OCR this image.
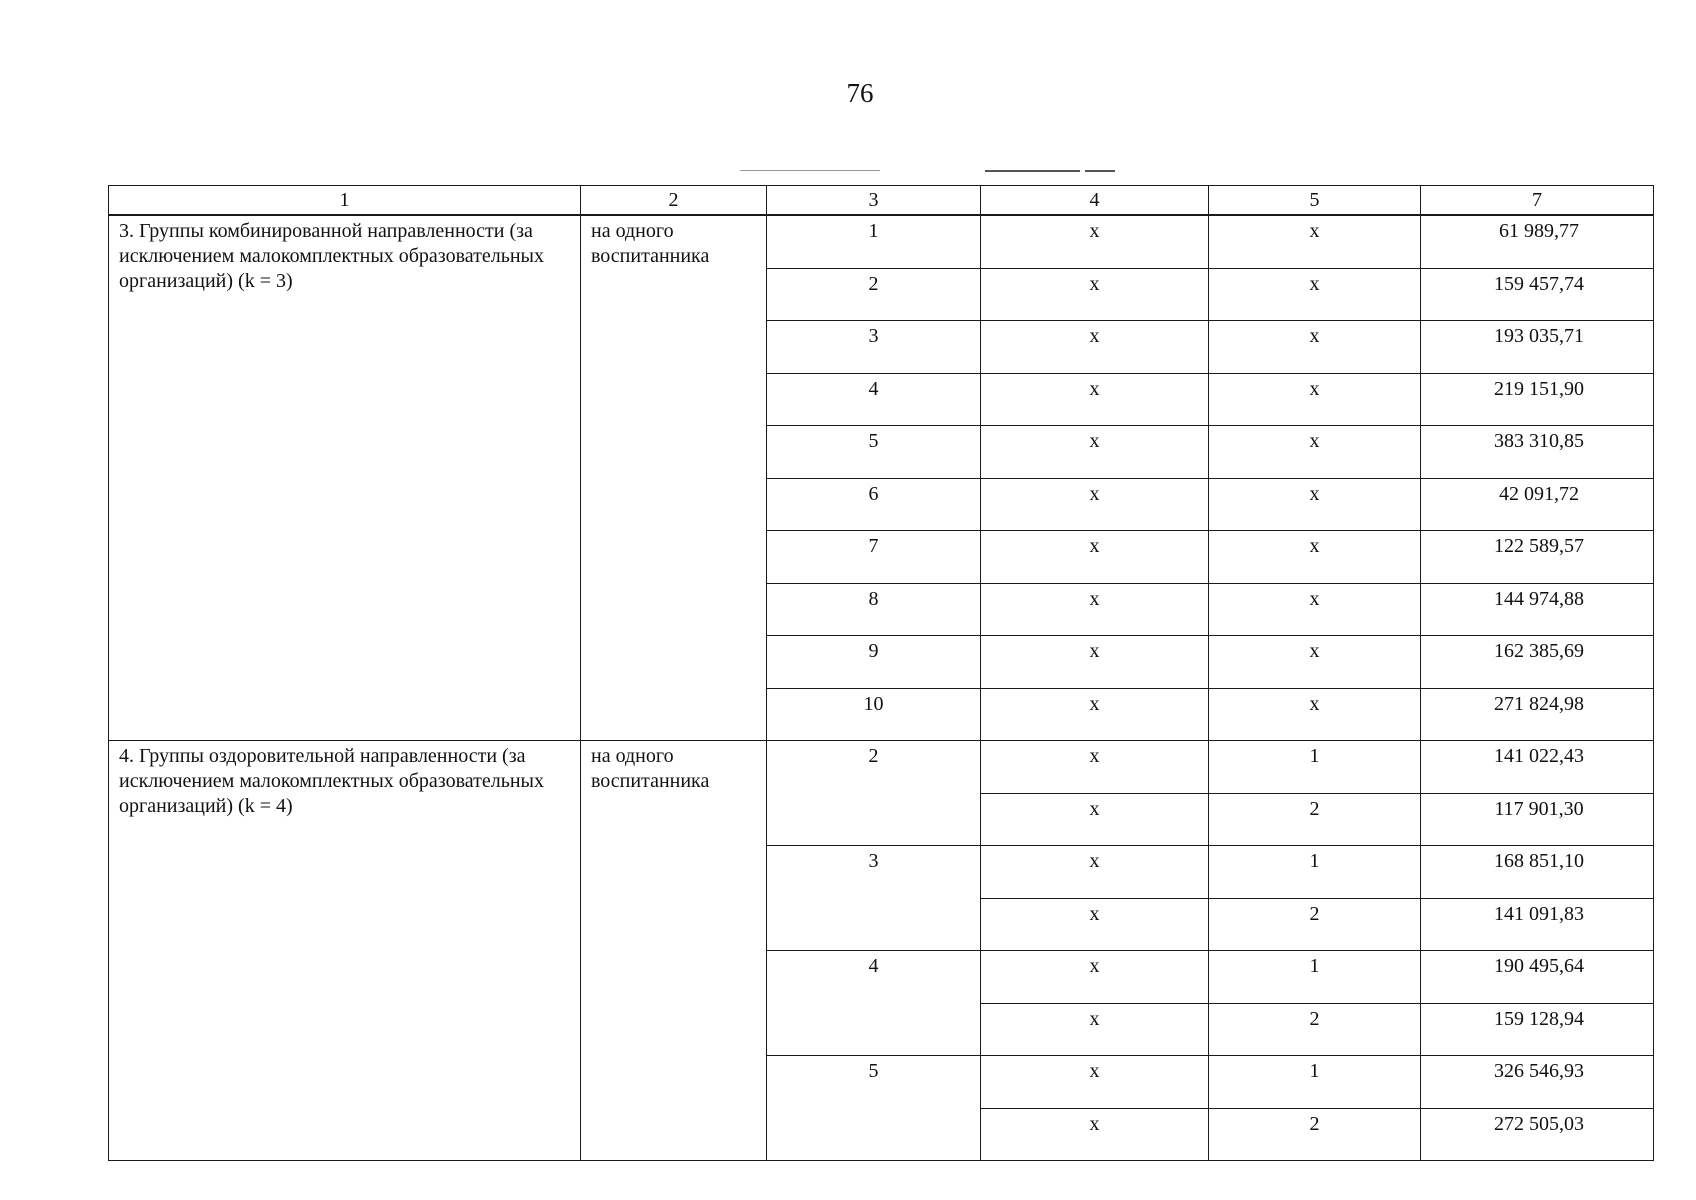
76
1	2	3	4	5	7
3. Группы комбинированной направленности (за исключением малокомплектных образовательных организаций) (k = 3)	на одного воспитанника	1	x	x	61 989,77
		2	x	x	159 457,74
		3	x	x	193 035,71
		4	x	x	219 151,90
		5	x	x	383 310,85
		6	x	x	42 091,72
		7	x	x	122 589,57
		8	x	x	144 974,88
		9	x	x	162 385,69
		10	x	x	271 824,98
4. Группы оздоровительной направленности (за исключением малокомплектных образовательных организаций) (k = 4)	на одного воспитанника	2	x	1	141 022,43
			x	2	117 901,30
		3	x	1	168 851,10
			x	2	141 091,83
		4	x	1	190 495,64
			x	2	159 128,94
		5	x	1	326 546,93
			x	2	272 505,03
